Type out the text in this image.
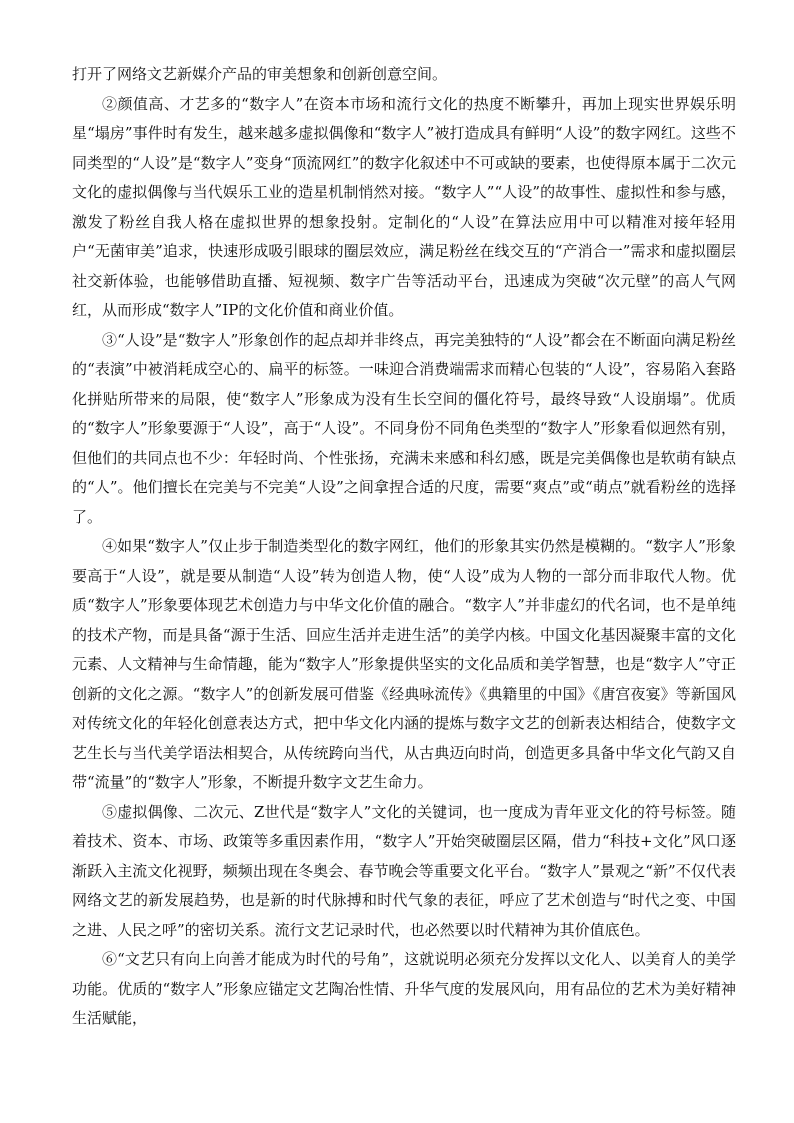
打开了网络文艺新媒介产品的审美想象和创新创意空间。

②颜值高、才艺多的“数字人”在资本市场和流行文化的热度不断攀升，再加上现实世界娱乐明星“塌房”事件时有发生，越来越多虚拟偶像和“数字人”被打造成具有鲜明“人设”的数字网红。这些不同类型的“人设”是“数字人”变身“顶流网红”的数字化叙述中不可或缺的要素，也使得原本属于二次元文化的虚拟偶像与当代娱乐工业的造星机制悄然对接。“数字人”“人设”的故事性、虚拟性和参与感，激发了粉丝自我人格在虚拟世界的想象投射。定制化的“人设”在算法应用中可以精准对接年轻用户“无菌审美”追求，快速形成吸引眼球的圈层效应，满足粉丝在线交互的“产消合一”需求和虚拟圈层社交新体验，也能够借助直播、短视频、数字广告等活动平台，迅速成为突破“次元壁”的高人气网红，从而形成“数字人”IP的文化价值和商业价值。

③“人设”是“数字人”形象创作的起点却并非终点，再完美独特的“人设”都会在不断面向满足粉丝的“表演”中被消耗成空心的、扁平的标签。一味迎合消费端需求而精心包装的“人设”，容易陷入套路化拼贴所带来的局限，使“数字人”形象成为没有生长空间的僵化符号，最终导致“人设崩塌”。优质的“数字人”形象要源于“人设”，高于“人设”。不同身份不同角色类型的“数字人”形象看似迥然有别，但他们的共同点也不少：年轻时尚、个性张扬，充满未来感和科幻感，既是完美偶像也是软萌有缺点的“人”。他们擅长在完美与不完美“人设”之间拿捏合适的尺度，需要“爽点”或“萌点”就看粉丝的选择了。

④如果“数字人”仅止步于制造类型化的数字网红，他们的形象其实仍然是模糊的。“数字人”形象要高于“人设”，就是要从制造“人设”转为创造人物，使“人设”成为人物的一部分而非取代人物。优质“数字人”形象要体现艺术创造力与中华文化价值的融合。“数字人”并非虚幻的代名词，也不是单纯的技术产物，而是具备“源于生活、回应生活并走进生活”的美学内核。中国文化基因凝聚丰富的文化元素、人文精神与生命情趣，能为“数字人”形象提供坚实的文化品质和美学智慧，也是“数字人”守正创新的文化之源。“数字人”的创新发展可借鉴《经典咏流传》《典籍里的中国》《唐宫夜宴》等新国风对传统文化的年轻化创意表达方式，把中华文化内涵的提炼与数字文艺的创新表达相结合，使数字文艺生长与当代美学语法相契合，从传统跨向当代，从古典迈向时尚，创造更多具备中华文化气韵又自带“流量”的“数字人”形象，不断提升数字文艺生命力。

⑤虚拟偶像、二次元、Z世代是“数字人”文化的关键词，也一度成为青年亚文化的符号标签。随着技术、资本、市场、政策等多重因素作用，“数字人”开始突破圈层区隔，借力“科技+文化”风口逐渐跃入主流文化视野，频频出现在冬奥会、春节晚会等重要文化平台。“数字人”景观之“新”不仅代表网络文艺的新发展趋势，也是新的时代脉搏和时代气象的表征，呼应了艺术创造与“时代之变、中国之进、人民之呼”的密切关系。流行文艺记录时代，也必然要以时代精神为其价值底色。

⑥“文艺只有向上向善才能成为时代的号角”，这就说明必须充分发挥以文化人、以美育人的美学功能。优质的“数字人”形象应锚定文艺陶冶性情、升华气度的发展风向，用有品位的艺术为美好精神生活赋能，
